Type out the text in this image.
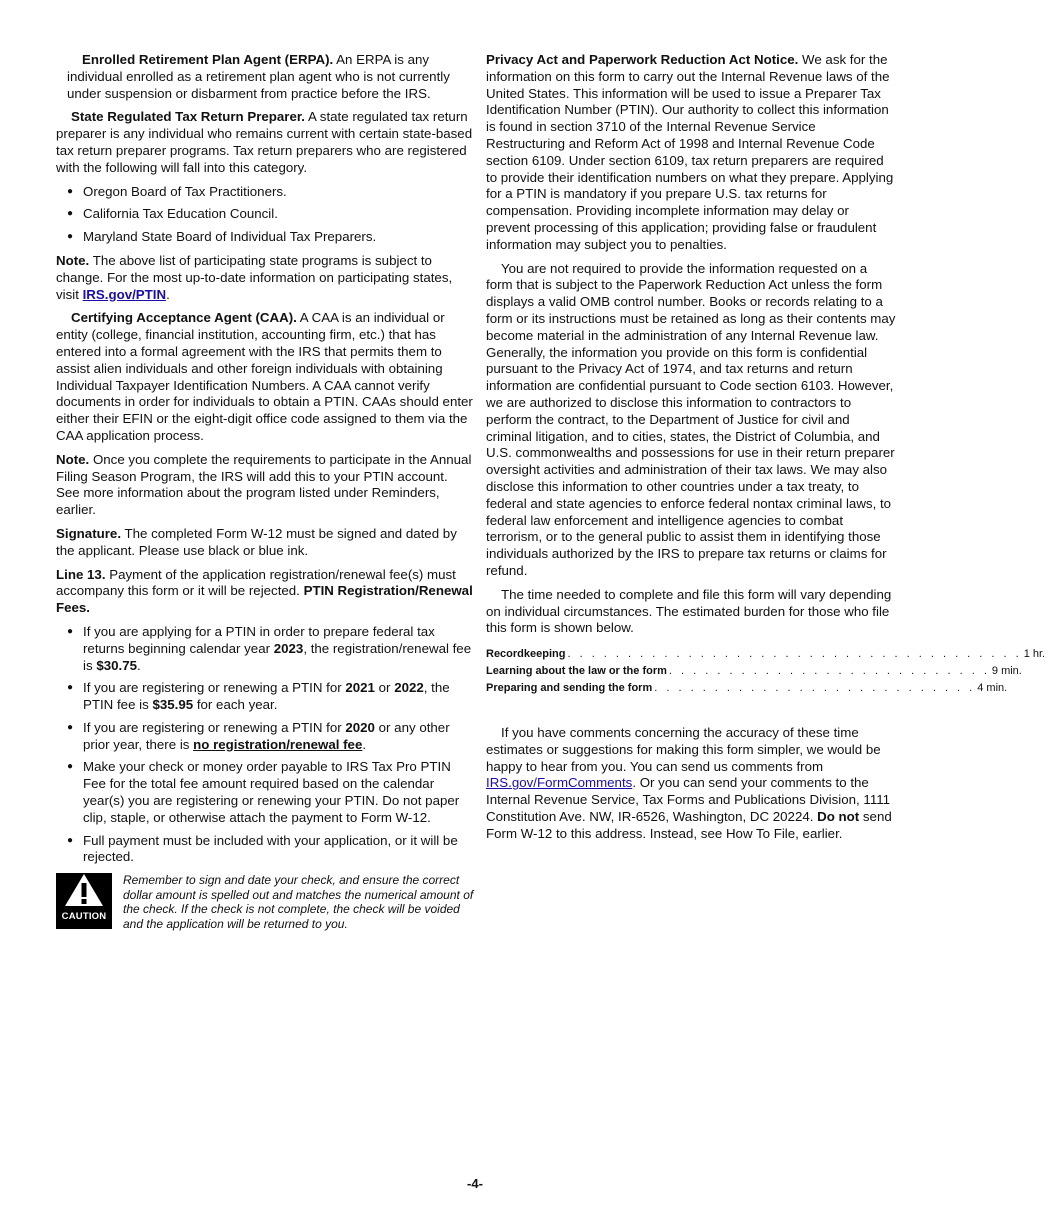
Enrolled Retirement Plan Agent (ERPA). An ERPA is any individual enrolled as a retirement plan agent who is not currently under suspension or disbarment from practice before the IRS.

State Regulated Tax Return Preparer. A state regulated tax return preparer is any individual who remains current with certain state-based tax return preparer programs. Tax return preparers who are registered with the following will fall into this category.

● Oregon Board of Tax Practitioners.
● California Tax Education Council.
● Maryland State Board of Individual Tax Preparers.

Note. The above list of participating state programs is subject to change. For the most up-to-date information on participating states, visit IRS.gov/PTIN.

Certifying Acceptance Agent (CAA). A CAA is an individual or entity (college, financial institution, accounting firm, etc.) that has entered into a formal agreement with the IRS that permits them to assist alien individuals and other foreign individuals with obtaining Individual Taxpayer Identification Numbers. A CAA cannot verify documents in order for individuals to obtain a PTIN. CAAs should enter either their EFIN or the eight-digit office code assigned to them via the CAA application process.

Note. Once you complete the requirements to participate in the Annual Filing Season Program, the IRS will add this to your PTIN account. See more information about the program listed under Reminders, earlier.

Signature. The completed Form W-12 must be signed and dated by the applicant. Please use black or blue ink.

Line 13. Payment of the application registration/renewal fee(s) must accompany this form or it will be rejected. PTIN Registration/Renewal Fees.

● If you are applying for a PTIN in order to prepare federal tax returns beginning calendar year 2023, the registration/renewal fee is $30.75.
● If you are registering or renewing a PTIN for 2021 or 2022, the PTIN fee is $35.95 for each year.
● If you are registering or renewing a PTIN for 2020 or any other prior year, there is no registration/renewal fee.
● Make your check or money order payable to IRS Tax Pro PTIN Fee for the total fee amount required based on the calendar year(s) you are registering or renewing your PTIN. Do not paper clip, staple, or otherwise attach the payment to Form W-12.
● Full payment must be included with your application, or it will be rejected.
CAUTION
Remember to sign and date your check, and ensure the correct dollar amount is spelled out and matches the numerical amount of the check. If the check is not complete, the check will be voided and the application will be returned to you.

Privacy Act and Paperwork Reduction Act Notice. We ask for the information on this form to carry out the Internal Revenue laws of the United States. This information will be used to issue a Preparer Tax Identification Number (PTIN). Our authority to collect this information is found in section 3710 of the Internal Revenue Service Restructuring and Reform Act of 1998 and Internal Revenue Code section 6109. Under section 6109, tax return preparers are required to provide their identification numbers on what they prepare. Applying for a PTIN is mandatory if you prepare U.S. tax returns for compensation. Providing incomplete information may delay or prevent processing of this application; providing false or fraudulent information may subject you to penalties.

You are not required to provide the information requested on a form that is subject to the Paperwork Reduction Act unless the form displays a valid OMB control number. Books or records relating to a form or its instructions must be retained as long as their contents may become material in the administration of any Internal Revenue law. Generally, the information you provide on this form is confidential pursuant to the Privacy Act of 1974, and tax returns and return information are confidential pursuant to Code section 6103. However, we are authorized to disclose this information to contractors to perform the contract, to the Department of Justice for civil and criminal litigation, and to cities, states, the District of Columbia, and U.S. commonwealths and possessions for use in their return preparer oversight activities and administration of their tax laws. We may also disclose this information to other countries under a tax treaty, to federal and state agencies to enforce federal nontax criminal laws, to federal law enforcement and intelligence agencies to combat terrorism, or to the general public to assist them in identifying those individuals authorized by the IRS to prepare tax returns or claims for refund.

The time needed to complete and file this form will vary depending on individual circumstances. The estimated burden for those who file this form is shown below.

Recordkeeping . . . . . . . . . . . . . . . . . . . . . . . . . . . . . . . . . . . . . . 1 hr.
Learning about the law or the form . . . . . . . . . . . . . . . . . . . . . . . . . . . 9 min.
Preparing and sending the form . . . . . . . . . . . . . . . . . . . . . . . . . . . 4 min.

If you have comments concerning the accuracy of these time estimates or suggestions for making this form simpler, we would be happy to hear from you. You can send us comments from IRS.gov/FormComments. Or you can send your comments to the Internal Revenue Service, Tax Forms and Publications Division, 1111 Constitution Ave. NW, IR-6526, Washington, DC 20224. Do not send Form W-12 to this address. Instead, see How To File, earlier.

-4-
